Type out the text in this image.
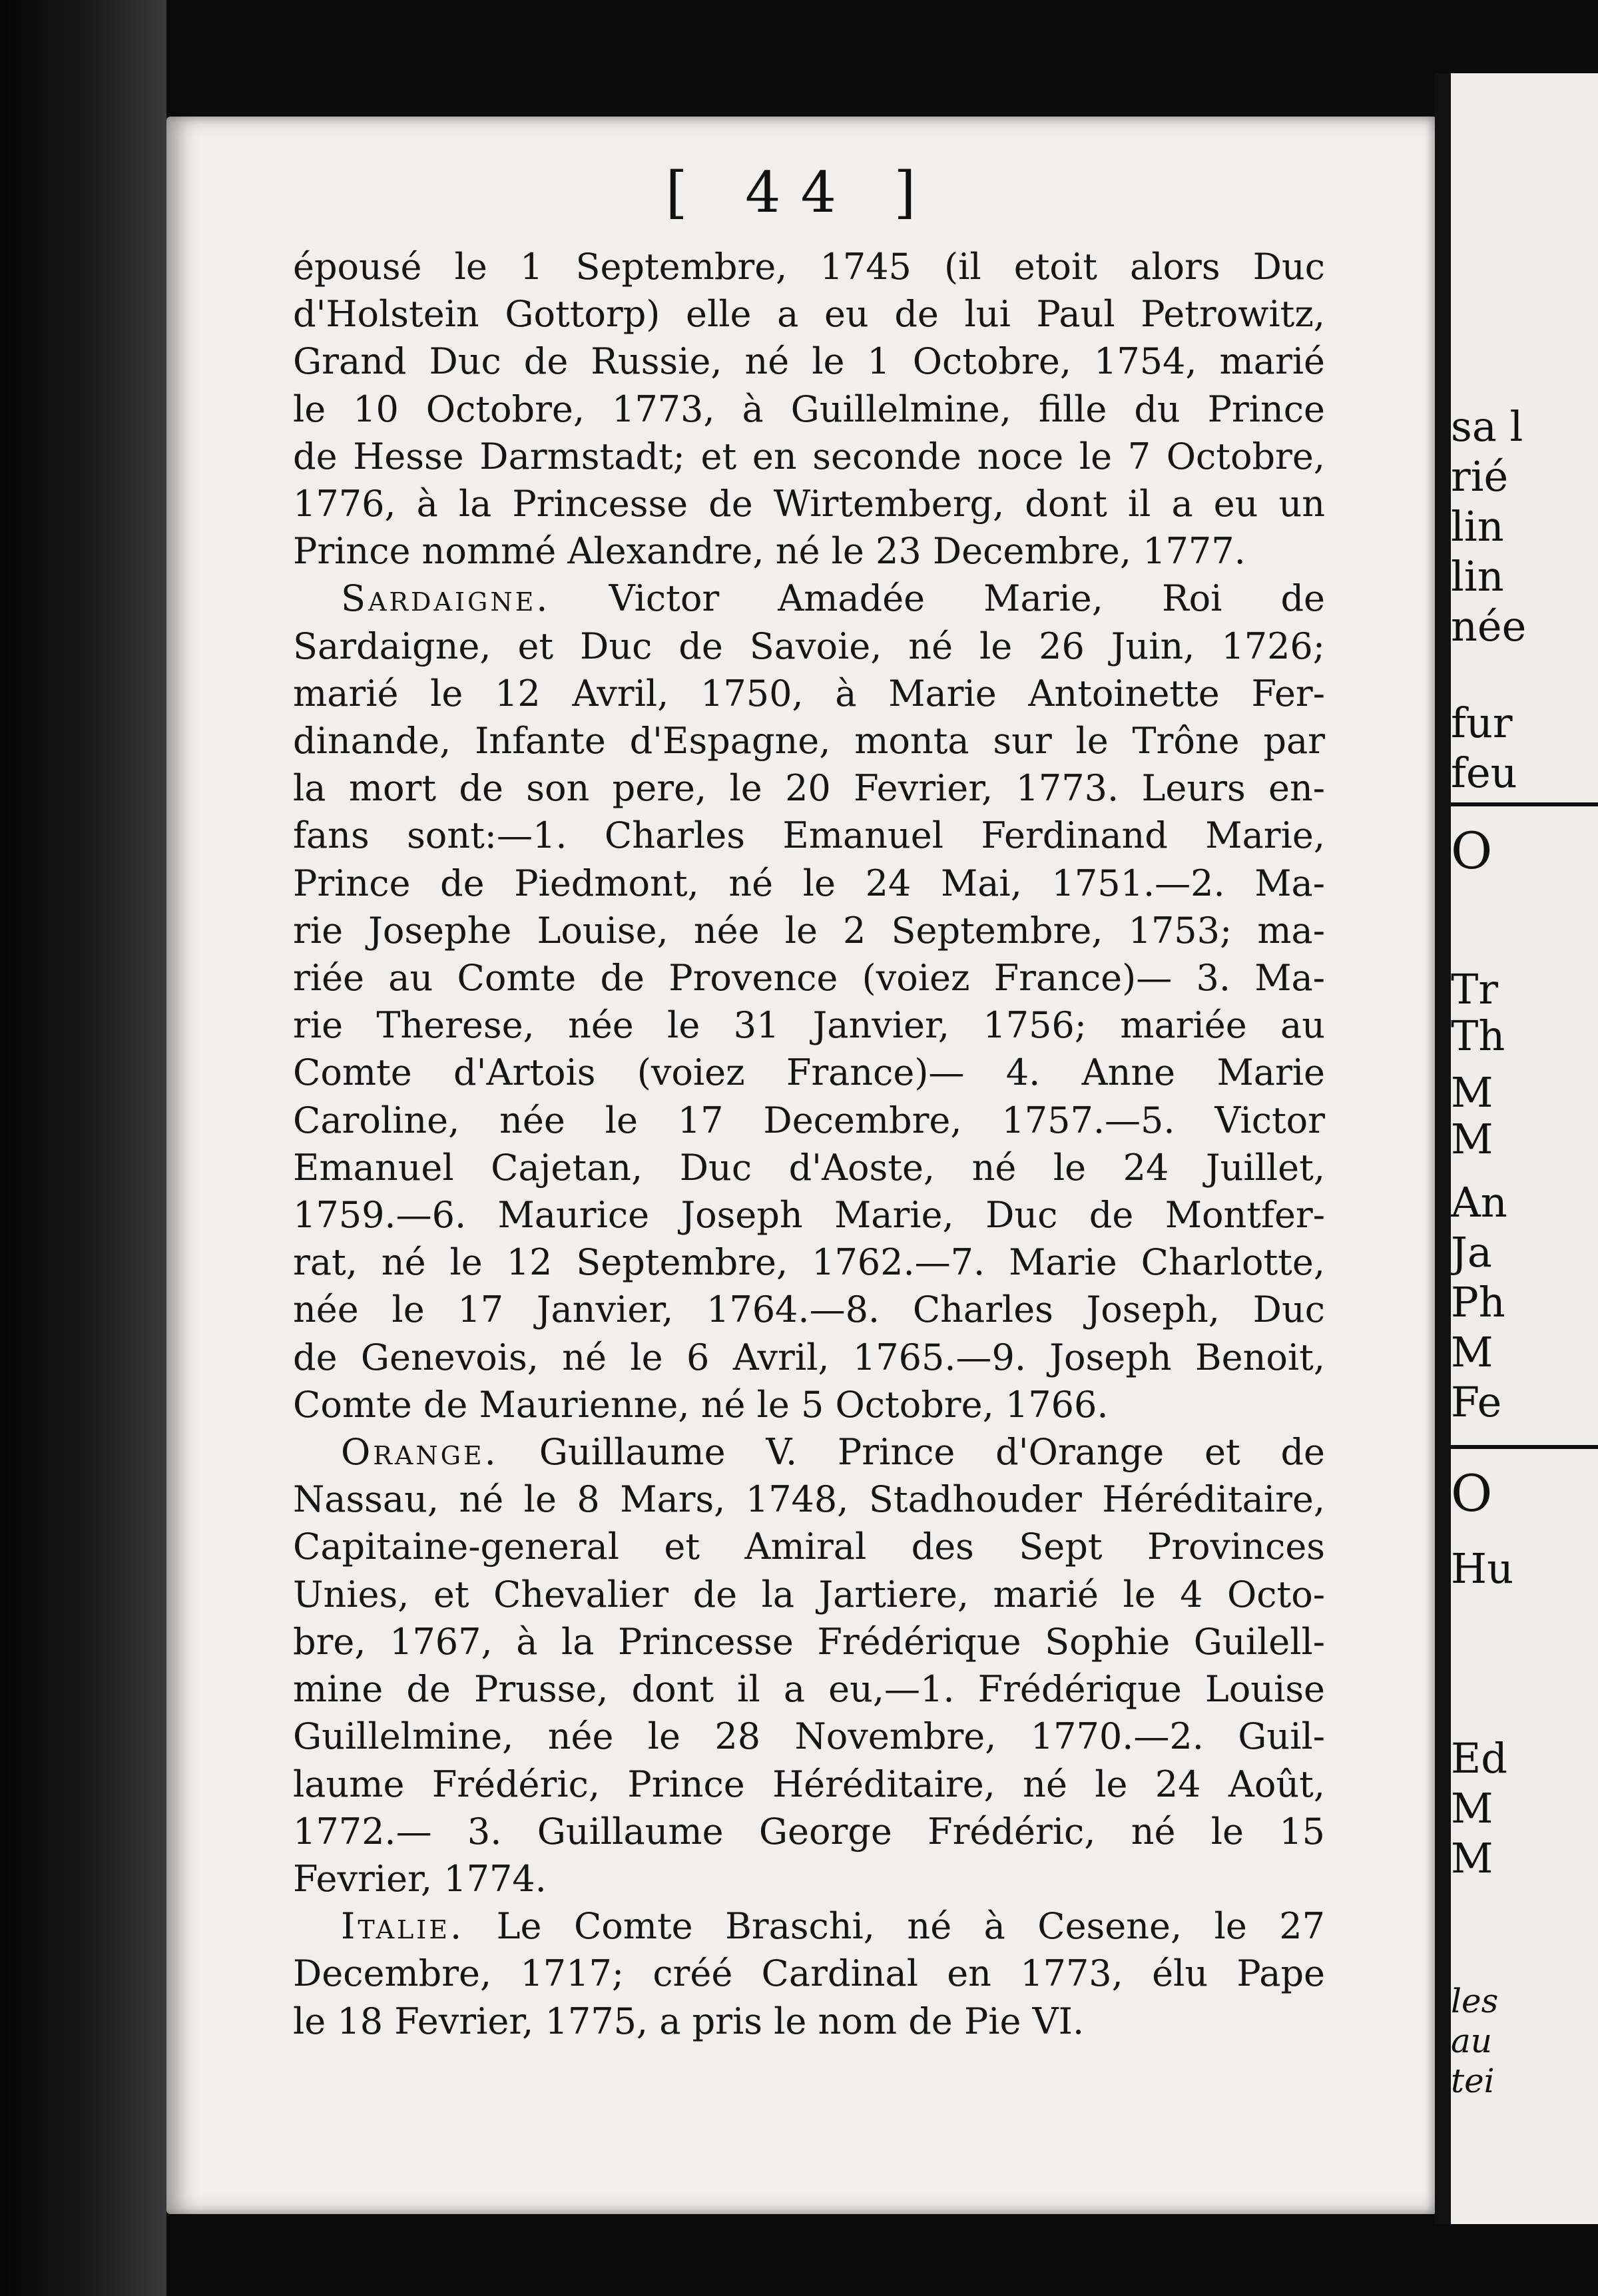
sa l
rié
lin
lin
née
fur
feu
O
Tr
Th
M
M
An
Ja
Ph
M
Fe
O
Hu
Ed
M
M
les
au
tei
[ 44 ]

épousé le 1 Septembre, 1745 (il etoit alors Duc

d'Holstein Gottorp) elle a eu de lui Paul Petrowitz,

Grand Duc de Russie, né le 1 Octobre, 1754, marié

le 10 Octobre, 1773, à Guillelmine, fille du Prince

de Hesse Darmstadt; et en seconde noce le 7 Octobre,

1776, à la Princesse de Wirtemberg, dont il a eu un

Prince nommé Alexandre, né le 23 Decembre, 1777.

Sardaigne. Victor Amadée Marie, Roi de

Sardaigne, et Duc de Savoie, né le 26 Juin, 1726;

marié le 12 Avril, 1750, à Marie Antoinette Fer-

dinande, Infante d'Espagne, monta sur le Trône par

la mort de son pere, le 20 Fevrier, 1773. Leurs en-

fans sont:—1. Charles Emanuel Ferdinand Marie,

Prince de Piedmont, né le 24 Mai, 1751.—2. Ma-

rie Josephe Louise, née le 2 Septembre, 1753; ma-

riée au Comte de Provence (voiez France)— 3. Ma-

rie Therese, née le 31 Janvier, 1756; mariée au

Comte d'Artois (voiez France)— 4. Anne Marie

Caroline, née le 17 Decembre, 1757.—5. Victor

Emanuel Cajetan, Duc d'Aoste, né le 24 Juillet,

1759.—6. Maurice Joseph Marie, Duc de Montfer-

rat, né le 12 Septembre, 1762.—7. Marie Charlotte,

née le 17 Janvier, 1764.—8. Charles Joseph, Duc

de Genevois, né le 6 Avril, 1765.—9. Joseph Benoit,

Comte de Maurienne, né le 5 Octobre, 1766.

Orange. Guillaume V. Prince d'Orange et de

Nassau, né le 8 Mars, 1748, Stadhouder Héréditaire,

Capitaine-general et Amiral des Sept Provinces

Unies, et Chevalier de la Jartiere, marié le 4 Octo-

bre, 1767, à la Princesse Frédérique Sophie Guilell-

mine de Prusse, dont il a eu,—1. Frédérique Louise

Guillelmine, née le 28 Novembre, 1770.—2. Guil-

laume Frédéric, Prince Héréditaire, né le 24 Août,

1772.— 3. Guillaume George Frédéric, né le 15

Fevrier, 1774.

Italie. Le Comte Braschi, né à Cesene, le 27

Decembre, 1717; créé Cardinal en 1773, élu Pape

le 18 Fevrier, 1775, a pris le nom de Pie VI.
